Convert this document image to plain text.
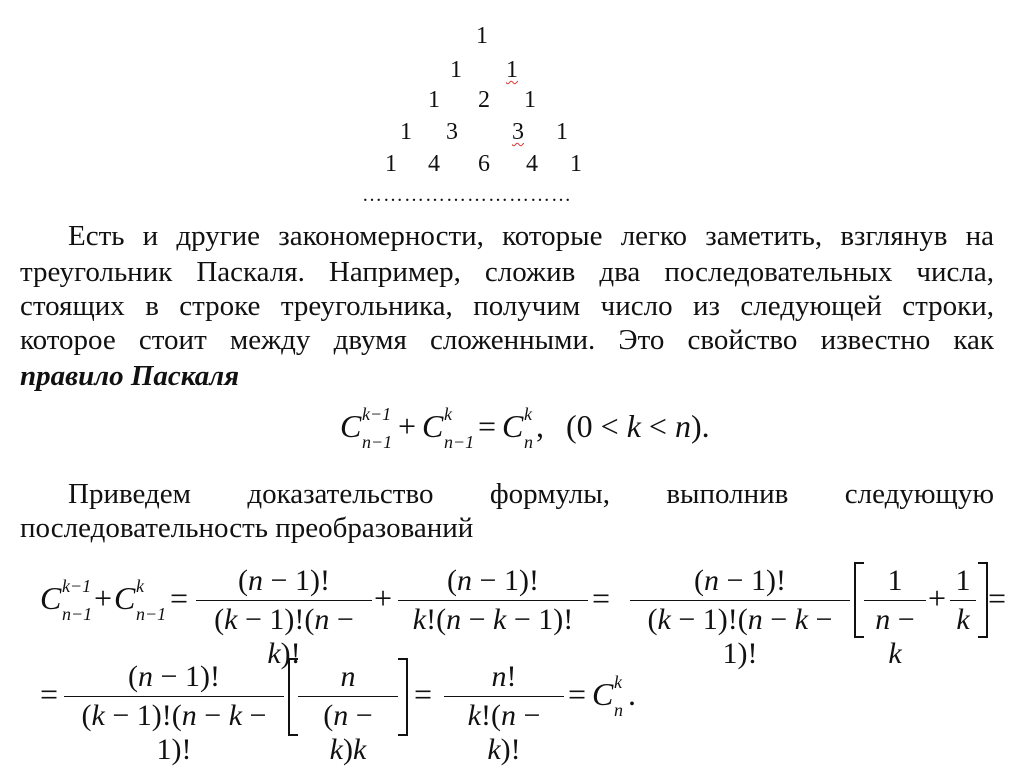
1
1 1
1 2 1
1 3 3 1
1 4 6 4 1
…………………………
Есть и другие закономерности, которые легко заметить, взглянув на
треугольник Паскаля. Например, сложив два последовательных числа,
стоящих в строке треугольника, получим число из следующей строки,
которое стоит между двумя сложенными. Это свойство известно как
правило Паскаля
C k−1
n−1 + C k
n−1 = C k
n , (0 < k < n).
Приведем доказательство формулы, выполнив следующую
последовательность преобразований
C k−1
n−1 + C k
n−1 =	(n − 1)!
(k − 1)!(n − k)!
+	(n − 1)!
k!(n − k − 1)!
=	(n − 1)!
(k − 1)!(n − k − 1)!
1
n − k
+ 1
k
=
=	(n − 1)!
(k − 1)!(n − k − 1)!
n
(n − k)k
=	n!
k!(n − k)!
= C k
n .
